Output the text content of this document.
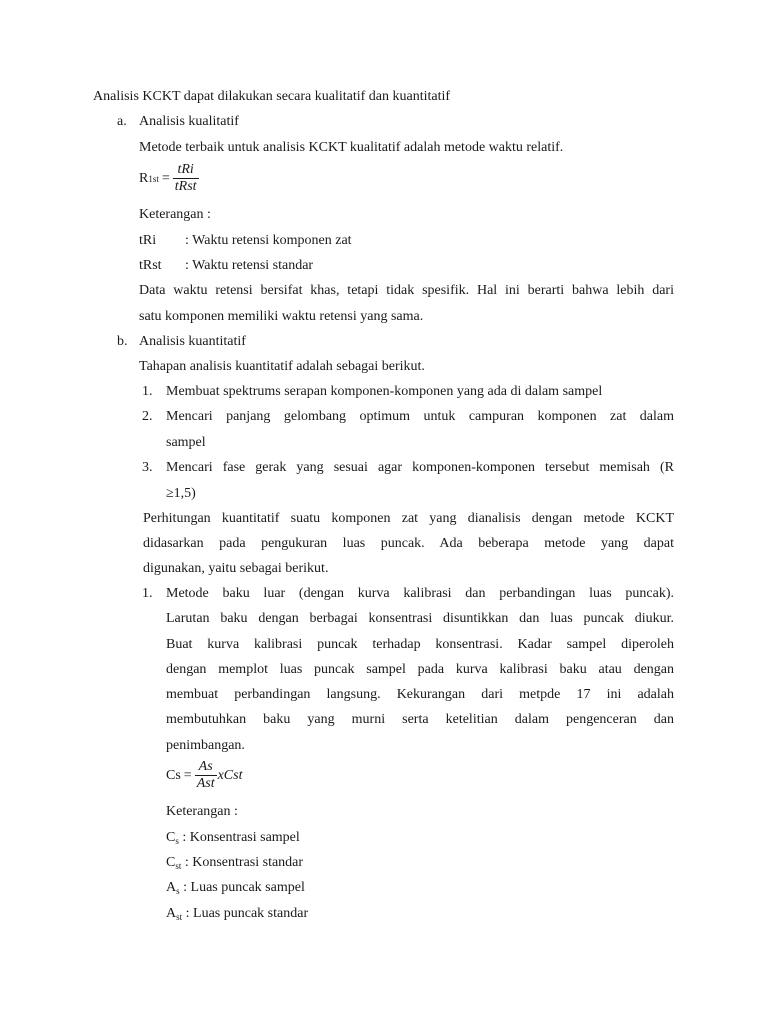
Analisis KCKT dapat dilakukan secara kualitatif dan kuantitatif
a. Analisis kualitatif
Metode terbaik untuk analisis KCKT kualitatif adalah metode waktu relatif.
R $1st = \frac{\text{tRi}}{\text{tRst}}$
Keterangan :
tRi : Waktu retensi komponen zat
tRst : Waktu retensi standar
Data waktu retensi bersifat khas, tetapi tidak spesifik. Hal ini berarti bahwa lebih dari
satu komponen memiliki waktu retensi yang sama.
b. Analisis kuantitatif
Tahapan analisis kuantitatif adalah sebagai berikut.
1. Membuat spektrums serapan komponen-komponen yang ada di dalam sampel
2. Mencari panjang gelombang optimum untuk campuran komponen zat dalam
sampel
3. Mencari fase gerak yang sesuai agar komponen-komponen tersebut memisah (R
≥1,5)
Perhitungan kuantitatif suatu komponen zat yang dianalisis dengan metode KCKT
didasarkan pada pengukuran luas puncak. Ada beberapa metode yang dapat
digunakan, yaitu sebagai berikut.
1. Metode baku luar (dengan kurva kalibrasi dan perbandingan luas puncak).
Larutan baku dengan berbagai konsentrasi disuntikkan dan luas puncak diukur.
Buat kurva kalibrasi puncak terhadap konsentrasi. Kadar sampel diperoleh
dengan memplot luas puncak sampel pada kurva kalibrasi baku atau dengan
membuat perbandingan langsung. Kekurangan dari metpde 17 ini adalah
membutuhkan baku yang murni serta ketelitian dalam pengenceran dan
penimbangan.
$Cs = \frac{As}{\text{Ast}}$ xCst
Keterangan :
$C_s$ : Konsentrasi sampel
$C_{st}$ : Konsentrasi standar
$A_s$ : Luas puncak sampel
$A_{st}$ : Luas puncak standar
